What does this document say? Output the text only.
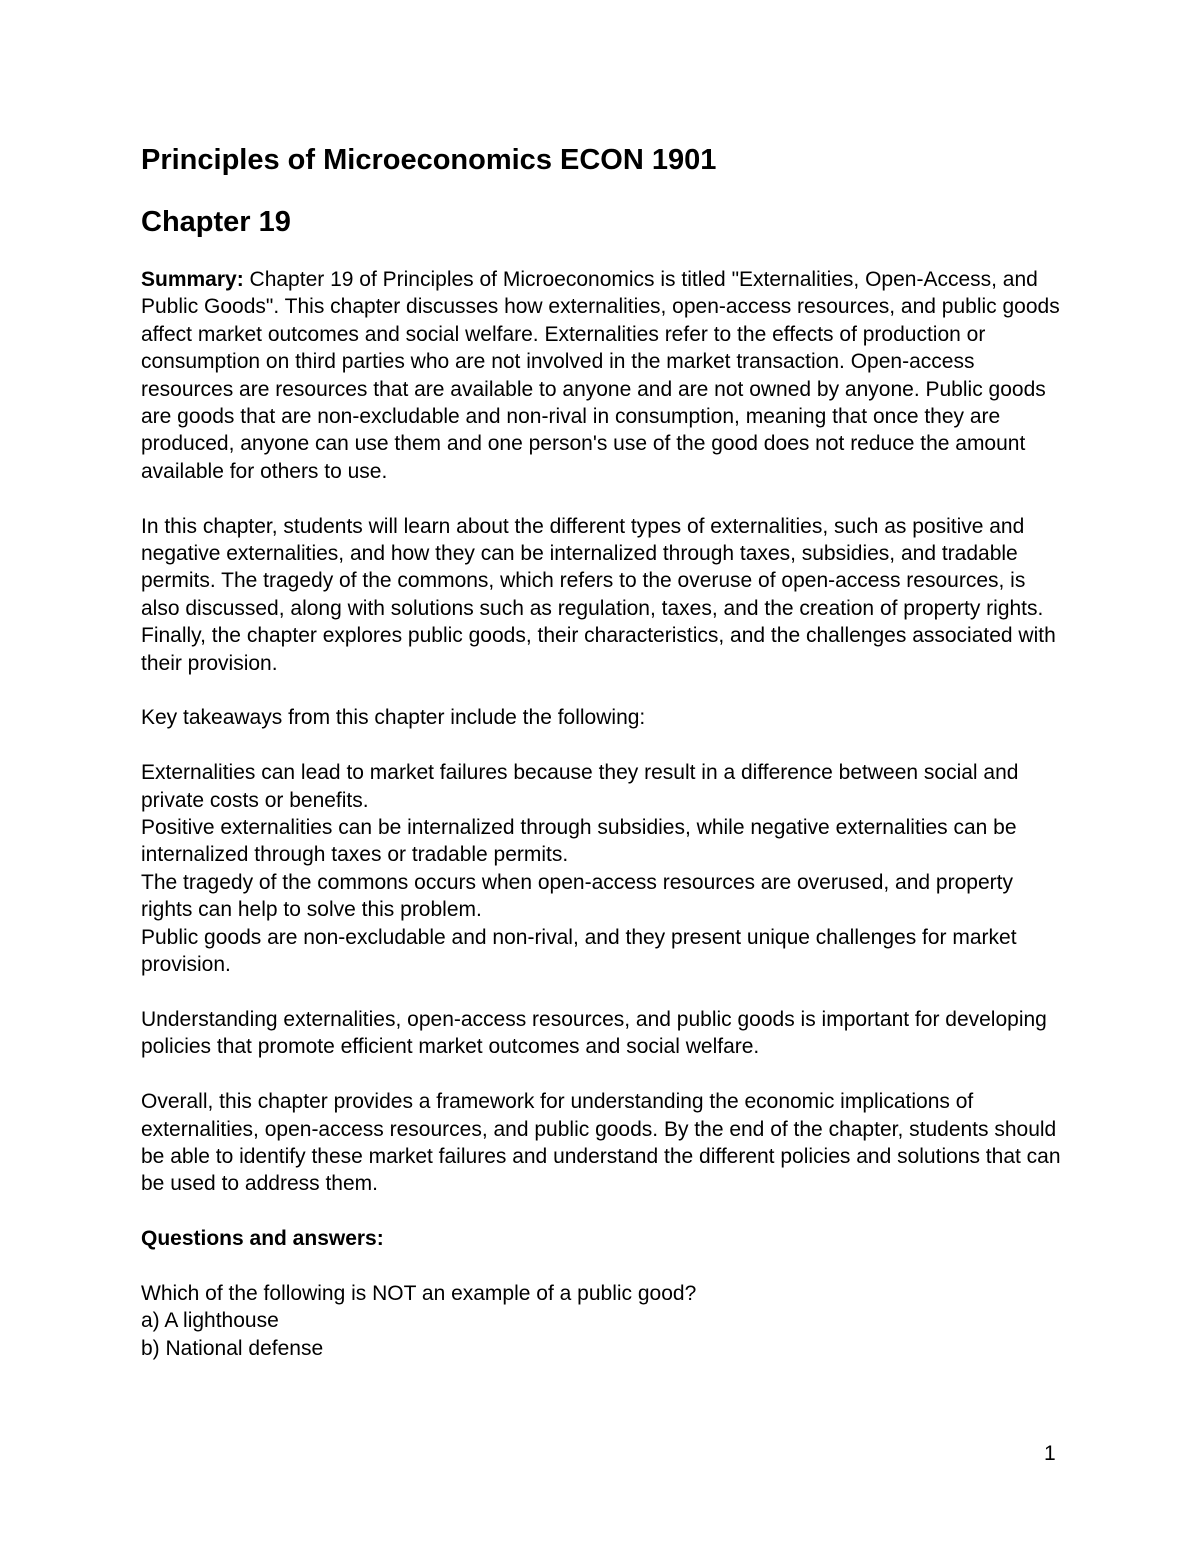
Principles of Microeconomics ECON 1901
Chapter 19

Summary: Chapter 19 of Principles of Microeconomics is titled "Externalities, Open-Access, and Public Goods". This chapter discusses how externalities, open-access resources, and public goods affect market outcomes and social welfare. Externalities refer to the effects of production or consumption on third parties who are not involved in the market transaction. Open-access resources are resources that are available to anyone and are not owned by anyone. Public goods are goods that are non-excludable and non-rival in consumption, meaning that once they are produced, anyone can use them and one person's use of the good does not reduce the amount available for others to use.

In this chapter, students will learn about the different types of externalities, such as positive and negative externalities, and how they can be internalized through taxes, subsidies, and tradable permits. The tragedy of the commons, which refers to the overuse of open-access resources, is also discussed, along with solutions such as regulation, taxes, and the creation of property rights. Finally, the chapter explores public goods, their characteristics, and the challenges associated with their provision.

Key takeaways from this chapter include the following:

Externalities can lead to market failures because they result in a difference between social and private costs or benefits.

Positive externalities can be internalized through subsidies, while negative externalities can be internalized through taxes or tradable permits.

The tragedy of the commons occurs when open-access resources are overused, and property rights can help to solve this problem.

Public goods are non-excludable and non-rival, and they present unique challenges for market provision.

Understanding externalities, open-access resources, and public goods is important for developing policies that promote efficient market outcomes and social welfare.

Overall, this chapter provides a framework for understanding the economic implications of externalities, open-access resources, and public goods. By the end of the chapter, students should be able to identify these market failures and understand the different policies and solutions that can be used to address them.

Questions and answers:

Which of the following is NOT an example of a public good?

a) A lighthouse

b) National defense

1
